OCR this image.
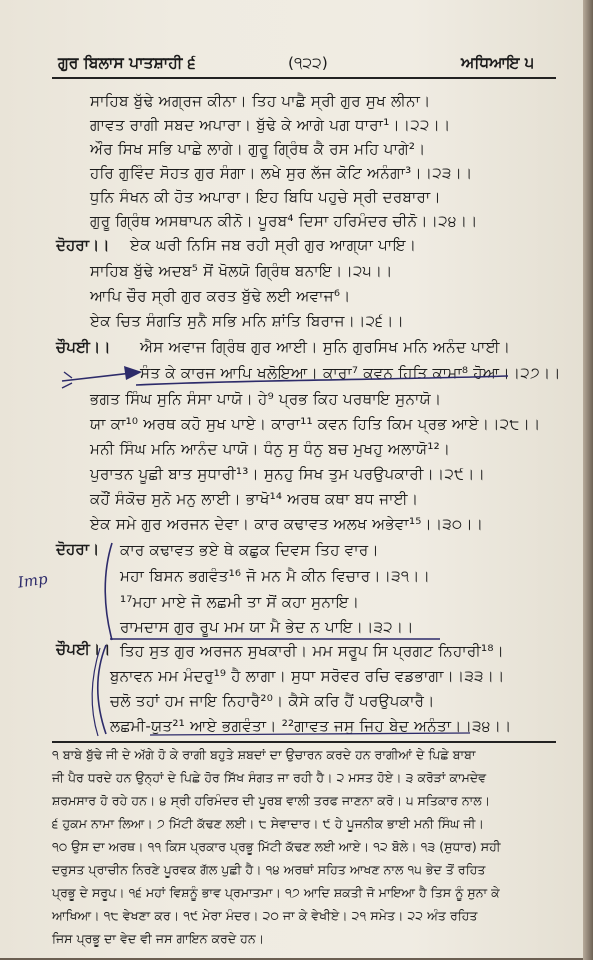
ਗੁਰ ਬਿਲਾਸ ਪਾਤਸ਼ਾਹੀ ੬	(੧੨੨)	ਅਧਿਆਇ ੫
ਦੋਹਰਾ।।
ਚੌਪਈ।।
ਦੋਹਰਾ।
ਚੌਪਈ।।
ਸਾਹਿਬ ਬੁੱਢੇ ਅਗ੍ਰਜ ਕੀਨਾ। ਤਿਹ ਪਾਛੈ ਸ੍ਰੀ ਗੁਰ ਸੁਖ ਲੀਨਾ।
ਗਾਵਤ ਰਾਗੀ ਸਬਦ ਅਪਾਰਾ। ਬੁੱਢੇ ਕੇ ਆਗੇ ਪਗ ਧਾਰਾ¹।।੨੨।।
ਔਰ ਸਿਖ ਸਭਿ ਪਾਛੇ ਲਾਗੇ। ਗੁਰੂ ਗ੍ਰਿੰਥ ਕੈ ਰਸ ਮਹਿ ਪਾਗੇ²।
ਹਰਿ ਗੁਵਿੰਦ ਸੋਹਤ ਗੁਰ ਸੰਗਾ। ਲਖੇ ਸੁਰ ਲੱਜ ਕੋਟਿ ਅਨੰਗਾ³।।੨੩।।
ਧੁਨਿ ਸੰਖਨ ਕੀ ਹੋਤ ਅਪਾਰਾ। ਇਹ ਬਿਧਿ ਪਹੁਚੇ ਸ੍ਰੀ ਦਰਬਾਰਾ।
ਗੁਰੂ ਗ੍ਰਿੰਥ ਅਸਥਾਪਨ ਕੀਨੋ। ਪੂਰਬ⁴ ਦਿਸਾ ਹਰਿਮੰਦਰ ਚੀਨੋ।।੨੪।।
ਏਕ ਘਰੀ ਨਿਸਿ ਜਬ ਰਹੀ ਸ੍ਰੀ ਗੁਰ ਆਗ੍ਯਾ ਪਾਇ।
ਸਾਹਿਬ ਬੁੱਢੇ ਅਦਬ⁵ ਸੋਂ ਖੋਲਯੋ ਗ੍ਰਿੰਥ ਬਨਾਇ।।੨੫।।
ਆਪਿ ਚੌਰ ਸ੍ਰੀ ਗੁਰ ਕਰਤ ਬੁੱਢੇ ਲਈ ਅਵਾਜ⁶।
ਏਕ ਚਿਤ ਸੰਗਤਿ ਸੁਨੈ ਸਭਿ ਮਨਿ ਸ਼ਾਂਤਿ ਬਿਰਾਜ।।੨੬।।
ਐਸ ਅਵਾਜ ਗ੍ਰਿੰਥ ਗੁਰ ਆਈ। ਸੁਨਿ ਗੁਰਸਿਖ ਮਨਿ ਅਨੰਦ ਪਾਈ।
ਸੰਤ ਕੇ ਕਾਰਜ ਆਪਿ ਖਲੋਇਆ। ਕਾਰਾ⁷ ਕਵਨ ਹਿਤਿ ਕਾਮਾ⁸ ਹੋਆ।।੨੭।।
ਭਗਤ ਸਿੰਘ ਸੁਨਿ ਸੰਸਾ ਪਾਯੋ। ਹੇ⁹ ਪ੍ਰਭ ਕਿਹ ਪਰਥਾਇ ਸੁਨਾਯੋ।
ਯਾ ਕਾ¹⁰ ਅਰਥ ਕਹੋ ਸੁਖ ਪਾਏ। ਕਾਰਾ¹¹ ਕਵਨ ਹਿਤਿ ਕਿਮ ਪ੍ਰਭ ਆਏ।।੨੮।।
ਮਨੀ ਸਿੰਘ ਮਨਿ ਆਨੰਦ ਪਾਯੋ। ਧੰਨੁ ਸੁ ਧੰਨੁ ਬਚ ਮੁਖਹੁ ਅਲਾਯੋ¹²।
ਪੁਰਾਤਨ ਪੂਛੀ ਬਾਤ ਸੁਧਾਰੀ¹³। ਸੁਨਹੁ ਸਿਖ ਤੁਮ ਪਰਉਪਕਾਰੀ।।੨੯।।
ਕਹੌਂ ਸੰਕੋਚ ਸੁਨੋ ਮਨੁ ਲਾਈ। ਭਾਖੋ¹⁴ ਅਰਥ ਕਥਾ ਬਧ ਜਾਈ।
ਏਕ ਸਮੇ ਗੁਰ ਅਰਜਨ ਦੇਵਾ। ਕਾਰ ਕਢਾਵਤ ਅਲਖ ਅਭੇਵਾ¹⁵।।੩੦।।
ਕਾਰ ਕਢਾਵਤ ਭਏ ਥੇ ਕਛੁਕ ਦਿਵਸ ਤਿਹ ਵਾਰ।
ਮਹਾ ਬਿਸਨ ਭਗਵੰਤ¹⁶ ਜੋ ਮਨ ਮੈ ਕੀਨ ਵਿਚਾਰ।।੩੧।।
¹⁷ਮਹਾ ਮਾਏ ਜੋ ਲਛਮੀ ਤਾ ਸੋਂ ਕਹਾ ਸੁਨਾਇ।
ਰਾਮਦਾਸ ਗੁਰ ਰੂਪ ਮਮ ਯਾ ਮੈ ਭੇਦ ਨ ਪਾਇ।।੩੨।।
ਤਿਹ ਸੁਤ ਗੁਰ ਅਰਜਨ ਸੁਖਕਾਰੀ। ਮਮ ਸਰੂਪ ਸਿ ਪ੍ਰਗਟ ਨਿਹਾਰੀ¹⁸।
ਬੁਨਾਵਨ ਮਮ ਮੰਦਰੁ¹⁹ ਹੈ ਲਾਗਾ। ਸੁਧਾ ਸਰੋਵਰ ਰਚਿ ਵਡਭਾਗਾ।।੩੩।।
ਚਲੋ ਤਹਾਂ ਹਮ ਜਾਇ ਨਿਹਾਰੈ²⁰। ਕੈਸੇ ਕਰਿ ਹੈਂ ਪਰਉਪਕਾਰੈ।
ਲਛਮੀ-ਯੁਤ²¹ ਆਏ ਭਗਵੰਤਾ। ²²ਗਾਵਤ ਜਸੁ ਜਿਹ ਬੇਦ ਅਨੰਤਾ।।੩੪।।
Imp
੧ ਬਾਬੇ ਬੁੱਢੇ ਜੀ ਦੇ ਅੱਗੇ ਹੋ ਕੇ ਰਾਗੀ ਬਹੁਤੇ ਸ਼ਬਦਾਂ ਦਾ ਉਚਾਰਨ ਕਰਦੇ ਹਨ ਰਾਗੀਆਂ ਦੇ ਪਿਛੇ ਬਾਬਾ
ਜੀ ਪੈਰ ਧਰਦੇ ਹਨ ਉਨ੍ਹਾਂ ਦੇ ਪਿਛੇ ਹੋਰ ਸਿੱਖ ਸੰਗਤ ਜਾ ਰਹੀ ਹੈ। ੨ ਮਸਤ ਹੋਏ। ੩ ਕਰੋੜਾਂ ਕਾਮਦੇਵ
ਸ਼ਰਮਸਾਰ ਹੋ ਰਹੇ ਹਨ। ੪ ਸ੍ਰੀ ਹਰਿਮੰਦਰ ਦੀ ਪੂਰਬ ਵਾਲੀ ਤਰਫ ਜਾਣਨਾ ਕਰੋ। ੫ ਸਤਿਕਾਰ ਨਾਲ।
੬ ਹੁਕਮ ਨਾਮਾ ਲਿਆ। ੭ ਮਿੱਟੀ ਕੱਢਣ ਲਈ। ੮ ਸੇਵਾਦਾਰ। ੯ ਹੇ ਪੂਜਨੀਕ ਭਾਈ ਮਨੀ ਸਿੰਘ ਜੀ।
੧੦ ਉਸ ਦਾ ਅਰਥ। ੧੧ ਕਿਸ ਪ੍ਰਕਾਰ ਪ੍ਰਭੂ ਮਿੱਟੀ ਕੱਢਣ ਲਈ ਆਏ। ੧੨ ਬੋਲੇ। ੧੩ (ਸੁਧਾਰ) ਸਹੀ
ਦਰੁਸਤ ਪ੍ਰਾਚੀਨ ਨਿਰਣੇ ਪੂਰਵਕ ਗੱਲ ਪੁਛੀ ਹੈ। ੧੪ ਅਰਥਾਂ ਸਹਿਤ ਆਖਣ ਨਾਲ ੧੫ ਭੇਦ ਤੋਂ ਰਹਿਤ
ਪ੍ਰਭੂ ਦੇ ਸਰੂਪ। ੧੬ ਮਹਾਂ ਵਿਸ਼ਨੂੰ ਭਾਵ ਪ੍ਰਮਾਤਮਾ। ੧੭ ਆਦਿ ਸ਼ਕਤੀ ਜੋ ਮਾਇਆ ਹੈ ਤਿਸ ਨੂੰ ਸੁਨਾ ਕੇ
ਆਖਿਆ। ੧੮ ਵੇਖਣਾ ਕਰ। ੧੯ ਮੇਰਾ ਮੰਦਰ। ੨੦ ਜਾ ਕੇ ਵੇਖੀਏ। ੨੧ ਸਮੇਤ। ੨੨ ਅੰਤ ਰਹਿਤ
ਜਿਸ ਪ੍ਰਭੂ ਦਾ ਵੇਦ ਵੀ ਜਸ ਗਾਇਨ ਕਰਦੇ ਹਨ।
